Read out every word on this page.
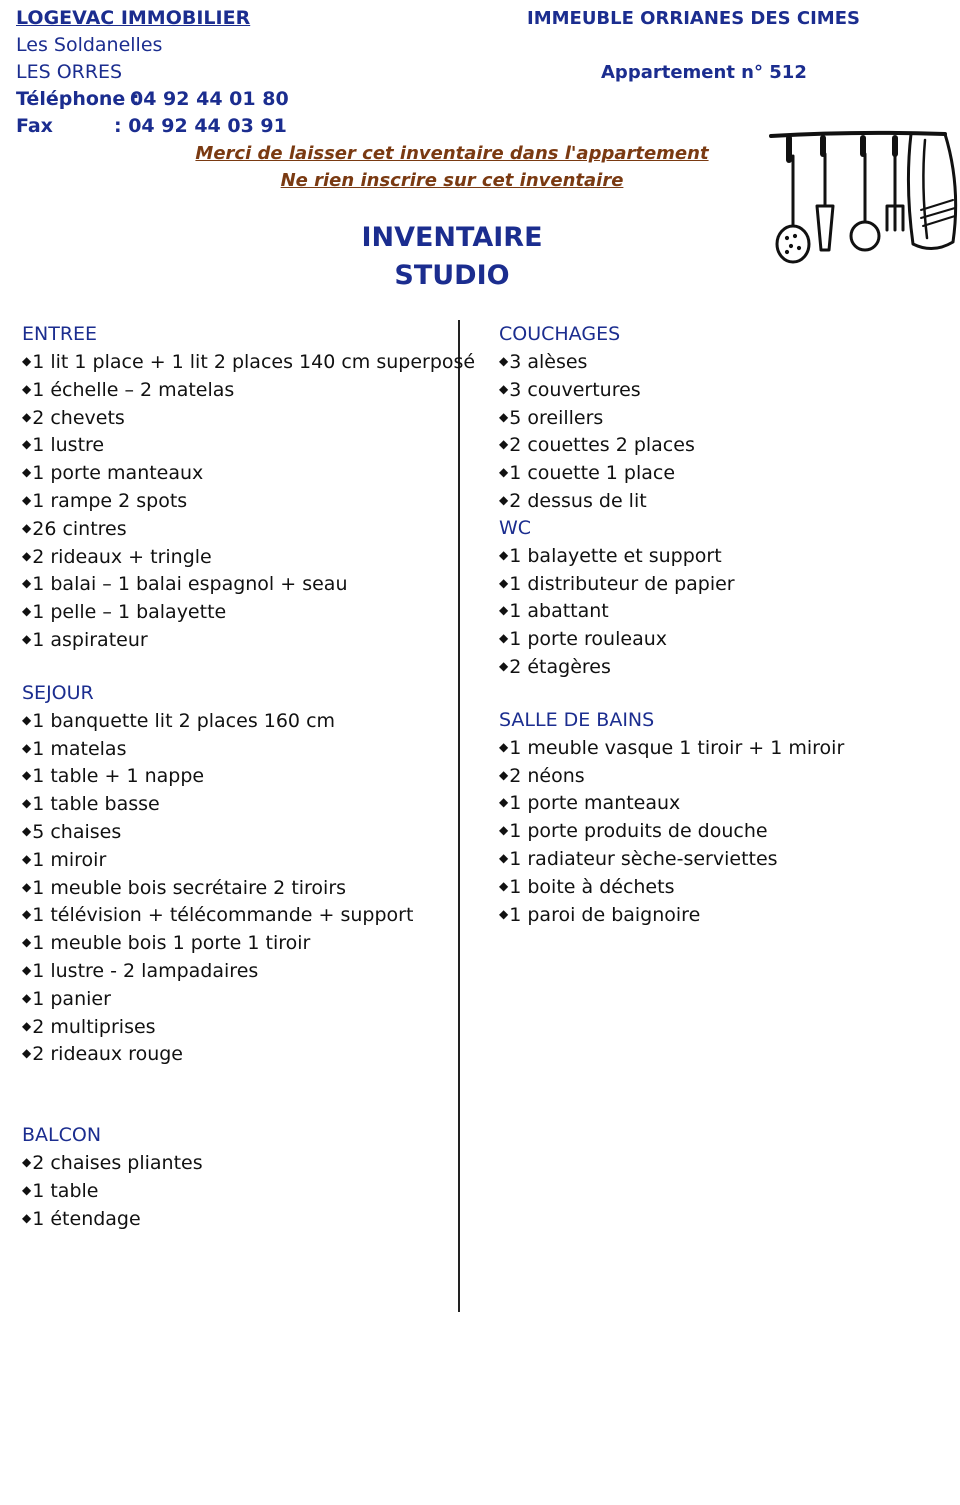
LOGEVAC IMMOBILIER
Les Soldanelles
LES ORRES
Téléphone :
04 92 44 01 80
Fax	: 04 92 44 03 91
IMMEUBLE ORRIANES DES CIMES
Appartement n° 512
Merci de laisser cet inventaire dans l'appartement
Ne rien inscrire sur cet inventaire
INVENTAIRE
STUDIO
ENTREE
◆1 lit 1 place + 1 lit 2 places 140 cm superposé
◆1 échelle – 2 matelas
◆2 chevets
◆1 lustre
◆1 porte manteaux
◆1 rampe 2 spots
◆26 cintres
◆2 rideaux + tringle
◆1 balai – 1 balai espagnol + seau
◆1 pelle – 1 balayette
◆1 aspirateur
SEJOUR
◆1 banquette lit 2 places 160 cm
◆1 matelas
◆1 table + 1 nappe
◆1 table basse
◆5 chaises
◆1 miroir
◆1 meuble bois secrétaire 2 tiroirs
◆1 télévision + télécommande + support
◆1 meuble bois 1 porte 1 tiroir
◆1 lustre - 2 lampadaires
◆1 panier
◆2 multiprises
◆2 rideaux rouge
BALCON
◆2 chaises pliantes
◆1 table
◆1 étendage
COUCHAGES
◆3 alèses
◆3 couvertures
◆5 oreillers
◆2 couettes 2 places
◆1 couette 1 place
◆2 dessus de lit
WC
◆1 balayette et support
◆1 distributeur de papier
◆1 abattant
◆1 porte rouleaux
◆2 étagères
SALLE DE BAINS
◆1 meuble vasque 1 tiroir + 1 miroir
◆2 néons
◆1 porte manteaux
◆1 porte produits de douche
◆1 radiateur sèche-serviettes
◆1 boite à déchets
◆1 paroi de baignoire
